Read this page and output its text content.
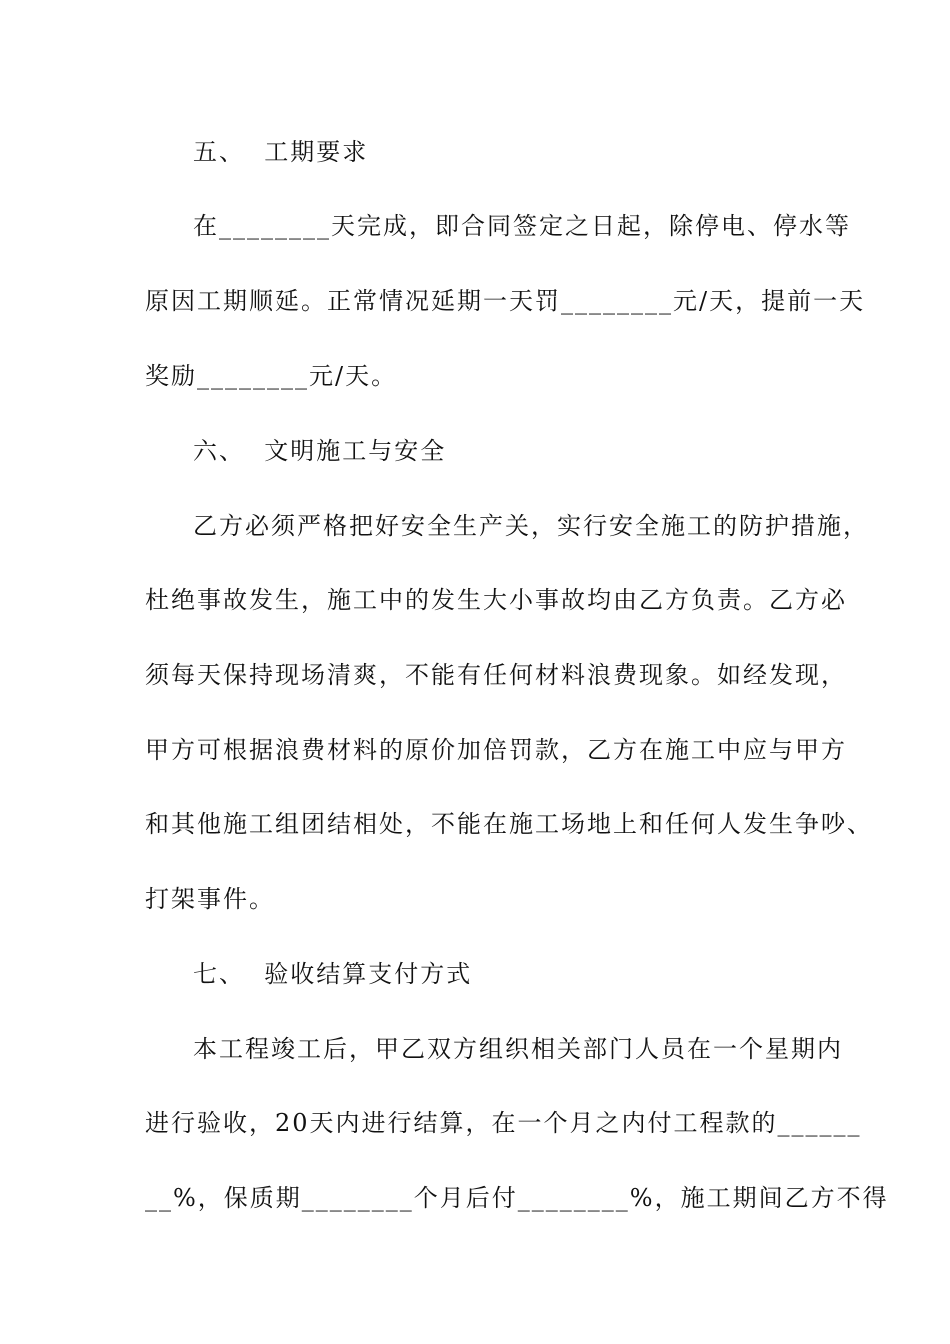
五、  工期要求
在________天完成，即合同签定之日起，除停电、停水等
原因工期顺延。正常情况延期一天罚________元/天，提前一天
奖励________元/天。
六、  文明施工与安全
乙方必须严格把好安全生产关，实行安全施工的防护措施，
杜绝事故发生，施工中的发生大小事故均由乙方负责。乙方必
须每天保持现场清爽，不能有任何材料浪费现象。如经发现，
甲方可根据浪费材料的原价加倍罚款，乙方在施工中应与甲方
和其他施工组团结相处，不能在施工场地上和任何人发生争吵、
打架事件。
七、  验收结算支付方式
本工程竣工后，甲乙双方组织相关部门人员在一个星期内
进行验收，20天内进行结算，在一个月之内付工程款的______
__%，保质期________个月后付________%，施工期间乙方不得
